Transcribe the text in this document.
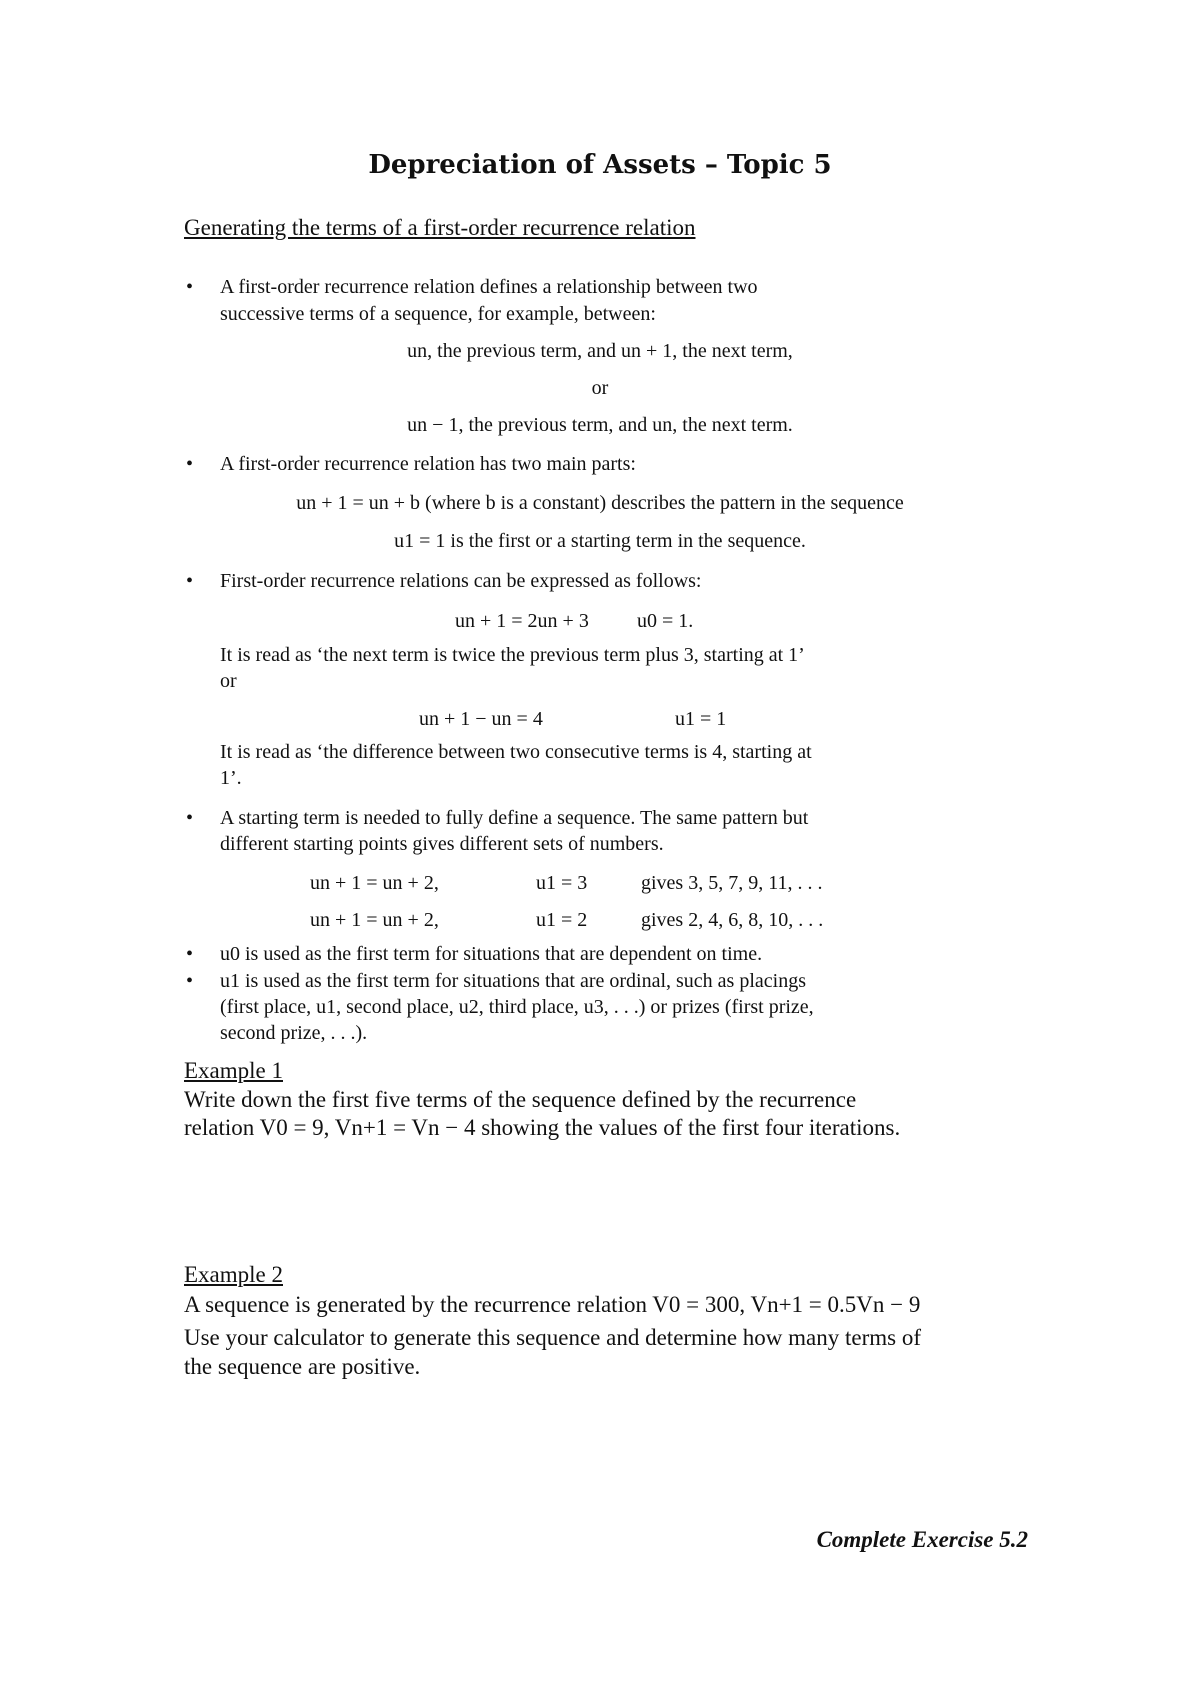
Depreciation of Assets – Topic 5
Generating the terms of a first-order recurrence relation
• A first-order recurrence relation defines a relationship between two
successive terms of a sequence, for example, between:
un, the previous term, and un + 1, the next term,
or
un − 1, the previous term, and un, the next term.
• A first-order recurrence relation has two main parts:
un + 1 = un + b (where b is a constant) describes the pattern in the sequence
u1 = 1 is the first or a starting term in the sequence.
• First-order recurrence relations can be expressed as follows:
un + 1 = 2un + 3 u0 = 1.
It is read as ‘the next term is twice the previous term plus 3, starting at 1’
or
un + 1 − un = 4	u1 = 1
It is read as ‘the difference between two consecutive terms is 4, starting at
1’.
• A starting term is needed to fully define a sequence. The same pattern but
different starting points gives different sets of numbers.
un + 1 = un + 2,	u1 = 3	gives 3, 5, 7, 9, 11, . . .
un + 1 = un + 2,	u1 = 2	gives 2, 4, 6, 8, 10, . . .
• u0 is used as the first term for situations that are dependent on time.
• u1 is used as the first term for situations that are ordinal, such as placings
(first place, u1, second place, u2, third place, u3, . . .) or prizes (first prize,
second prize, . . .).
Example 1
Write down the first five terms of the sequence defined by the recurrence
relation V0 = 9, Vn+1 = Vn − 4 showing the values of the first four iterations.
Example 2
A sequence is generated by the recurrence relation V0 = 300, Vn+1 = 0.5Vn − 9
Use your calculator to generate this sequence and determine how many terms of
the sequence are positive.
Complete Exercise 5.2
